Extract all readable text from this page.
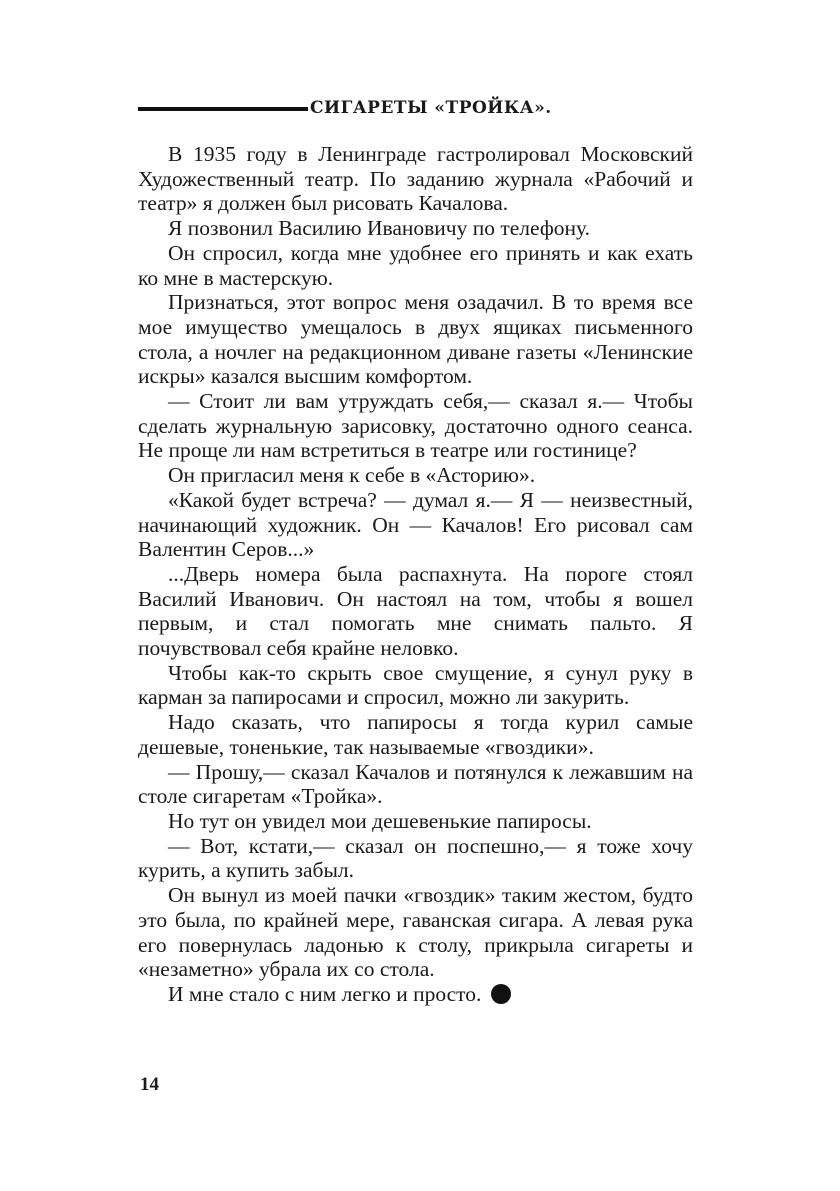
СИГАРЕТЫ «ТРОЙКА».

В 1935 году в Ленинграде гастролировал Московский Художественный театр. По заданию журнала «Рабочий и театр» я должен был рисовать Качалова.

Я позвонил Василию Ивановичу по телефону.

Он спросил, когда мне удобнее его принять и как ехать ко мне в мастерскую.

Признаться, этот вопрос меня озадачил. В то время все мое имущество умещалось в двух ящиках письменного стола, а ночлег на редакционном диване газеты «Ленинские искры» казался высшим комфортом.

— Стоит ли вам утруждать себя,— сказал я.— Чтобы сделать журнальную зарисовку, достаточно одного сеанса. Не проще ли нам встретиться в театре или гостинице?

Он пригласил меня к себе в «Асторию».

«Какой будет встреча? — думал я.— Я — неизвестный, начинающий художник. Он — Качалов! Его рисовал сам Валентин Серов...»

...Дверь номера была распахнута. На пороге стоял Василий Иванович. Он настоял на том, чтобы я вошел первым, и стал помогать мне снимать пальто. Я почувствовал себя крайне неловко.

Чтобы как-то скрыть свое смущение, я сунул руку в карман за папиросами и спросил, можно ли закурить.

Надо сказать, что папиросы я тогда курил самые дешевые, тоненькие, так называемые «гвоздики».

— Прошу,— сказал Качалов и потянулся к лежавшим на столе сигаретам «Тройка».

Но тут он увидел мои дешевенькие папиросы.

— Вот, кстати,— сказал он поспешно,— я тоже хочу курить, а купить забыл.

Он вынул из моей пачки «гвоздик» таким жестом, будто это была, по крайней мере, гаванская сигара. А левая рука его повернулась ладонью к столу, прикрыла сигареты и «незаметно» убрала их со стола.

И мне стало с ним легко и просто.

14
